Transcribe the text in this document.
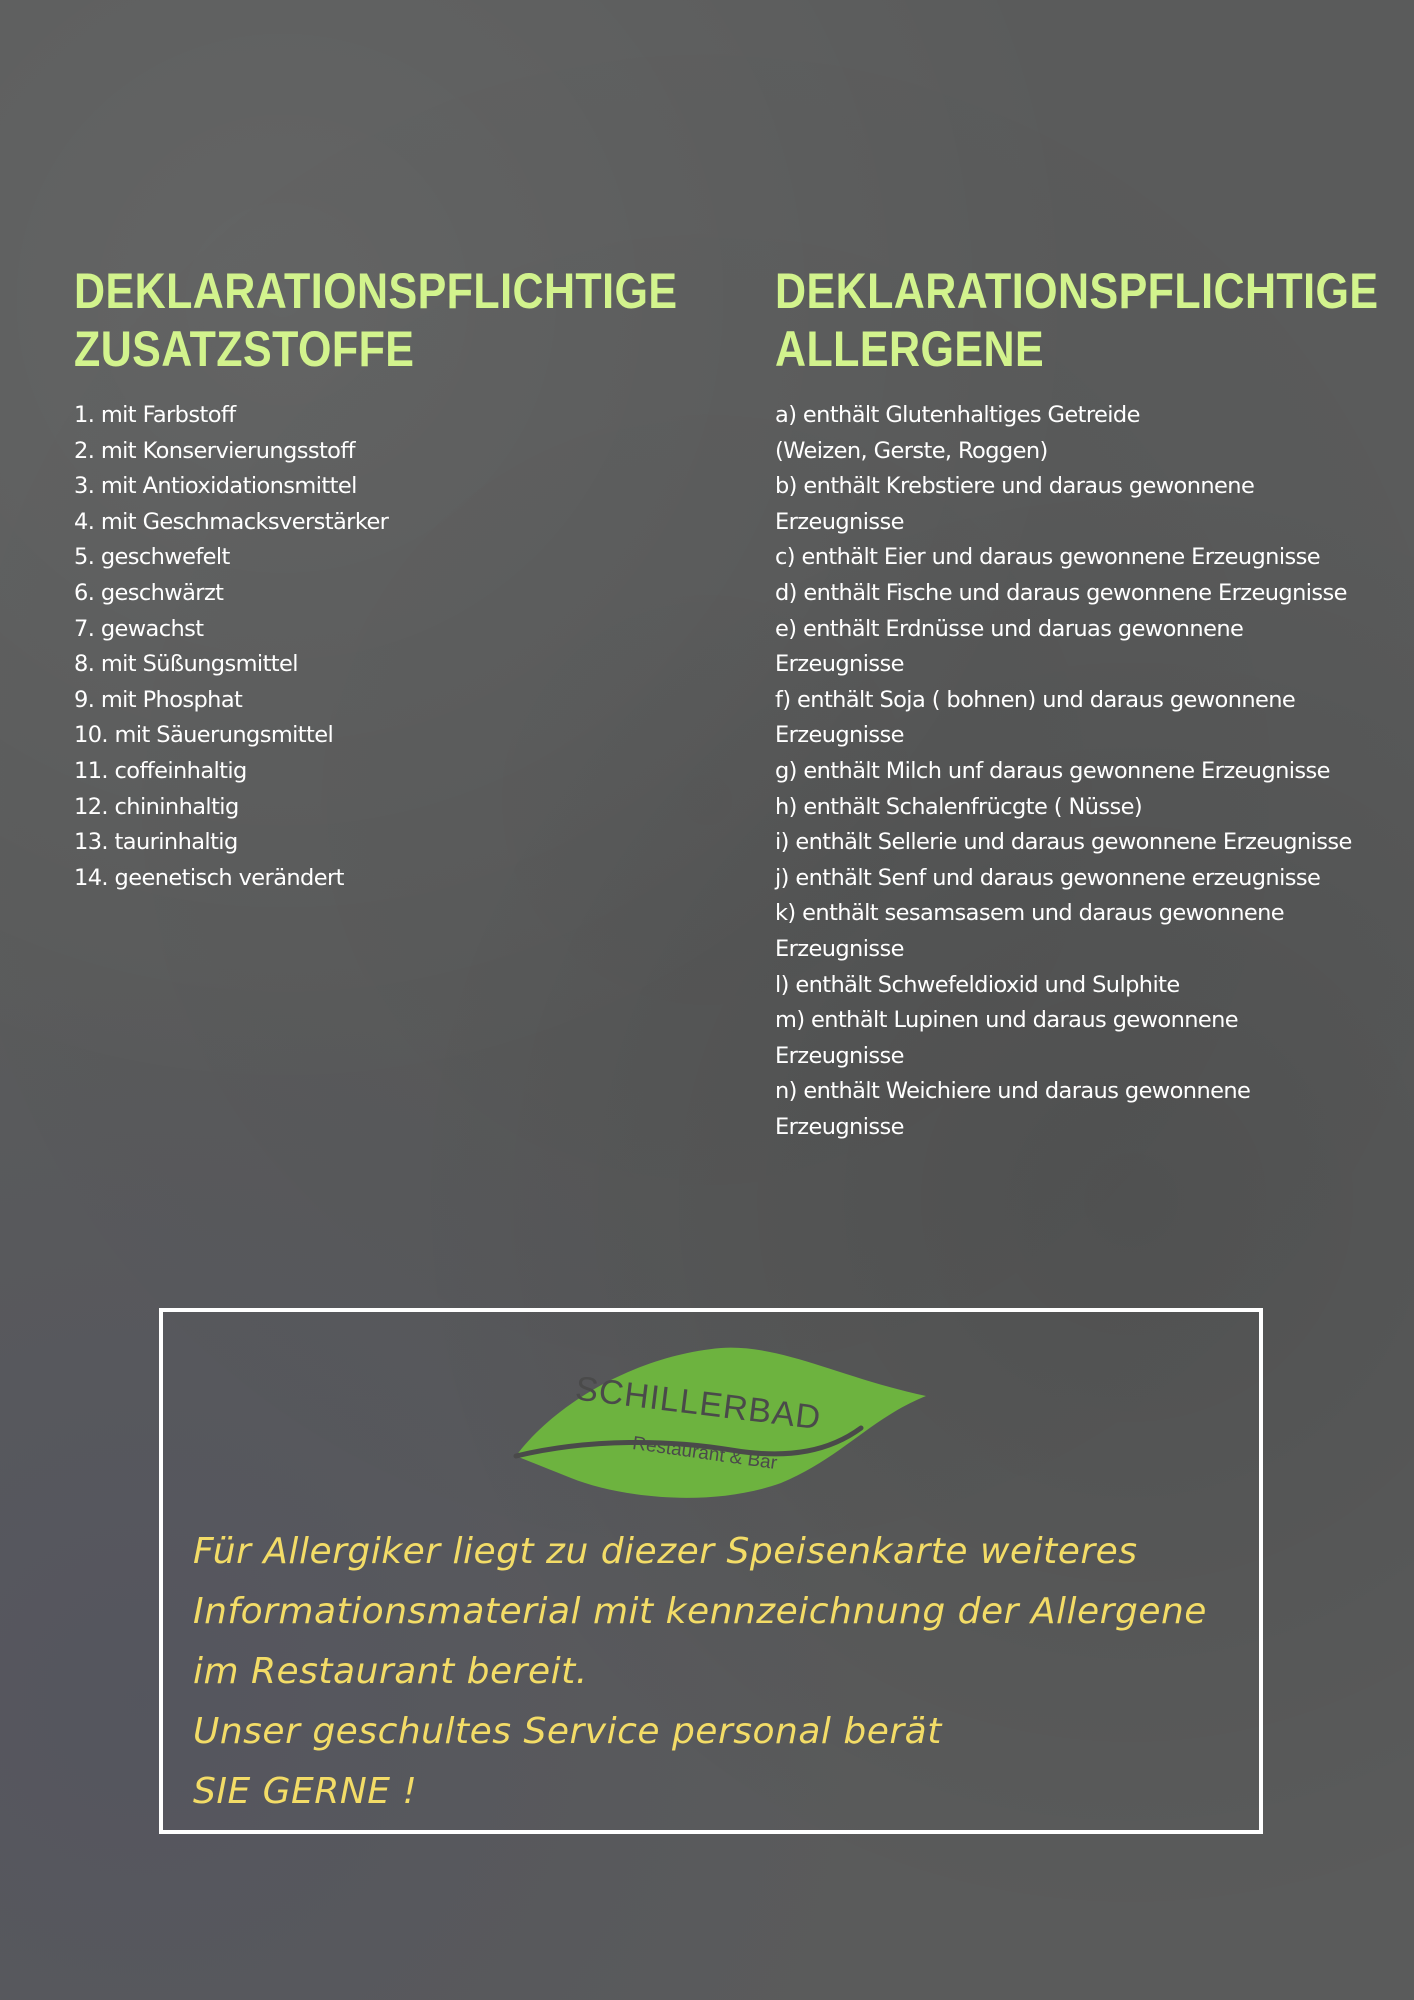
DEKLARATIONSPFLICHTIGE
ZUSATZSTOFFE
1. mit Farbstoff
2. mit Konservierungsstoff
3. mit Antioxidationsmittel
4. mit Geschmacksverstärker
5. geschwefelt
6. geschwärzt
7. gewachst
8. mit Süßungsmittel
9. mit Phosphat
10. mit Säuerungsmittel
11. coffeinhaltig
12. chininhaltig
13. taurinhaltig
14. geenetisch verändert
DEKLARATIONSPFLICHTIGE
ALLERGENE
a) enthält Glutenhaltiges Getreide
(Weizen, Gerste, Roggen)
b) enthält Krebstiere und daraus gewonnene
Erzeugnisse
c) enthält Eier und daraus gewonnene Erzeugnisse
d) enthält Fische und daraus gewonnene Erzeugnisse
e) enthält Erdnüsse und daruas gewonnene
Erzeugnisse
f) enthält Soja ( bohnen) und daraus gewonnene
Erzeugnisse
g) enthält Milch unf daraus gewonnene Erzeugnisse
h) enthält Schalenfrücgte ( Nüsse)
i) enthält Sellerie und daraus gewonnene Erzeugnisse
j) enthält Senf und daraus gewonnene erzeugnisse
k) enthält sesamsasem und daraus gewonnene
Erzeugnisse
l) enthält Schwefeldioxid und Sulphite
m) enthält Lupinen und daraus gewonnene
Erzeugnisse
n) enthält Weichiere und daraus gewonnene
Erzeugnisse
SCHILLERBAD
Restaurant & Bar
Für Allergiker liegt zu diezer Speisenkarte weiteres
Informationsmaterial mit kennzeichnung der Allergene
im Restaurant bereit.
Unser geschultes Service personal berät
SIE GERNE !
